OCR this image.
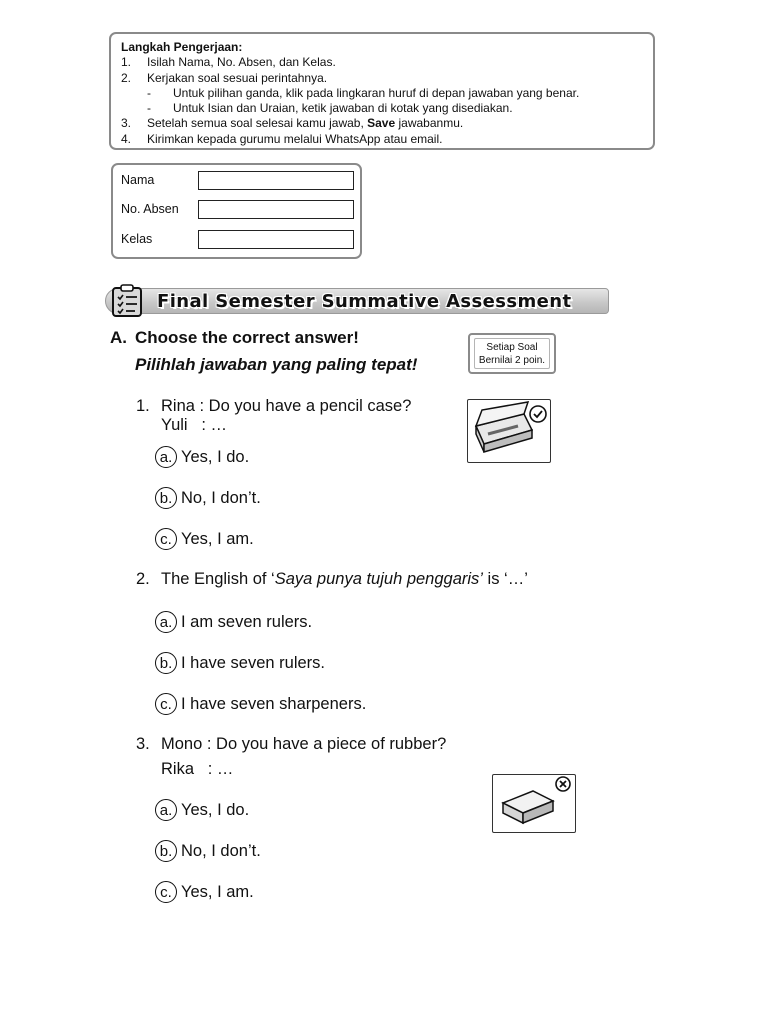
Langkah Pengerjaan:
1.	Isilah Nama, No. Absen, dan Kelas.
2.	Kerjakan soal sesuai perintahnya.
-	Untuk pilihan ganda, klik pada lingkaran huruf di depan jawaban yang benar.
-	Untuk Isian dan Uraian, ketik jawaban di kotak yang disediakan.
3.	Setelah semua soal selesai kamu jawab, Save jawabanmu.
4.	Kirimkan kepada gurumu melalui WhatsApp atau email.
Nama
No. Absen
Kelas
Final Semester Summative Assessment
A. Choose the correct answer!
Pilihlah jawaban yang paling tepat!
Setiap Soal
Bernilai 2 poin.
1. Rina : Do you have a pencil case?
Yuli   : …
a. Yes, I do.
b. No, I don’t.
c. Yes, I am.
2. The English of ‘Saya punya tujuh penggaris’ is ‘…’
a. I am seven rulers.
b. I have seven rulers.
c. I have seven sharpeners.
3. Mono : Do you have a piece of rubber?
Rika   : …
a. Yes, I do.
b. No, I don’t.
c. Yes, I am.
